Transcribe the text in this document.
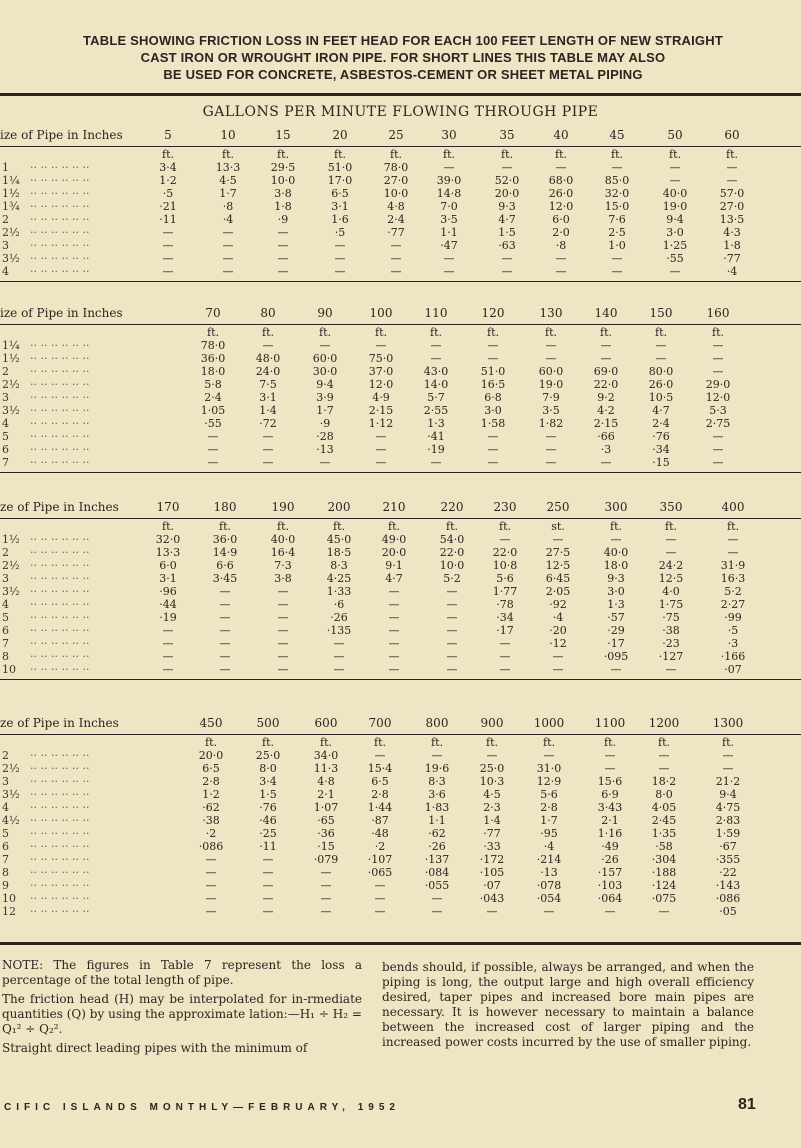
TABLE SHOWING FRICTION LOSS IN FEET HEAD FOR EACH 100 FEET LENGTH OF NEW STRAIGHT
CAST IRON OR WROUGHT IRON PIPE. FOR SHORT LINES THIS TABLE MAY ALSO
BE USED FOR CONCRETE, ASBESTOS-CEMENT OR SHEET METAL PIPING
GALLONS PER MINUTE FLOWING THROUGH PIPE
ize of Pipe in Inches	5	10	15	20	25	30	35	40	45	50	60
ft.	ft.	ft.	ft.	ft.	ft.	ft.	ft.	ft.	ft.	ft.
1 ·· ·· ·· ·· ·· ··	3·4	13·3	29·5	51·0	78·0	—	—	—	—	—	—
1¼ ·· ·· ·· ·· ·· ··	1·2	4·5	10·0	17·0	27·0	39·0	52·0	68·0	85·0	—	—
1½ ·· ·· ·· ·· ·· ··	·5	1·7	3·8	6·5	10·0	14·8	20·0	26·0	32·0	40·0	57·0
1¾ ·· ·· ·· ·· ·· ··	·21	·8	1·8	3·1	4·8	7·0	9·3	12·0	15·0	19·0	27·0
2 ·· ·· ·· ·· ·· ··	·11	·4	·9	1·6	2·4	3·5	4·7	6·0	7·6	9·4	13·5
2½ ·· ·· ·· ·· ·· ··	—	—	—	·5	·77	1·1	1·5	2·0	2·5	3·0	4·3
3 ·· ·· ·· ·· ·· ··	—	—	—	—	—	·47	·63	·8	1·0	1·25	1·8
3½ ·· ·· ·· ·· ·· ··	—	—	—	—	—	—	—	—	—	·55	·77
4 ·· ·· ·· ·· ·· ··	—	—	—	—	—	—	—	—	—	—	·4
ize of Pipe in Inches	70	80	90	100	110	120	130	140	150	160
ft.	ft.	ft.	ft.	ft.	ft.	ft.	ft.	ft.	ft.
1¼ ·· ·· ·· ·· ·· ··	78·0	—	—	—	—	—	—	—	—	—
1½ ·· ·· ·· ·· ·· ··	36·0	48·0	60·0	75·0	—	—	—	—	—	—
2 ·· ·· ·· ·· ·· ··	18·0	24·0	30·0	37·0	43·0	51·0	60·0	69·0	80·0	—
2½ ·· ·· ·· ·· ·· ··	5·8	7·5	9·4	12·0	14·0	16·5	19·0	22·0	26·0	29·0
3 ·· ·· ·· ·· ·· ··	2·4	3·1	3·9	4·9	5·7	6·8	7·9	9·2	10·5	12·0
3½ ·· ·· ·· ·· ·· ··	1·05	1·4	1·7	2·15	2·55	3·0	3·5	4·2	4·7	5·3
4 ·· ·· ·· ·· ·· ··	·55	·72	·9	1·12	1·3	1·58	1·82	2·15	2·4	2·75
5 ·· ·· ·· ·· ·· ··	—	—	·28	—	·41	—	—	·66	·76	—
6 ·· ·· ·· ·· ·· ··	—	—	·13	—	·19	—	—	·3	·34	—
7 ·· ·· ·· ·· ·· ··	—	—	—	—	—	—	—	—	·15	—
ze of Pipe in Inches	170	180	190	200	210	220	230	250	300	350	400
ft.	ft.	ft.	ft.	ft.	ft.	ft.	st.	ft.	ft.	ft.
1½ ·· ·· ·· ·· ·· ··	32·0	36·0	40·0	45·0	49·0	54·0	—	—	—	—	—
2 ·· ·· ·· ·· ·· ··	13·3	14·9	16·4	18·5	20·0	22·0	22·0	27·5	40·0	—	—
2½ ·· ·· ·· ·· ·· ··	6·0	6·6	7·3	8·3	9·1	10·0	10·8	12·5	18·0	24·2	31·9
3 ·· ·· ·· ·· ·· ··	3·1	3·45	3·8	4·25	4·7	5·2	5·6	6·45	9·3	12·5	16·3
3½ ·· ·· ·· ·· ·· ··	·96	—	—	1·33	—	—	1·77	2·05	3·0	4·0	5·2
4 ·· ·· ·· ·· ·· ··	·44	—	—	·6	—	—	·78	·92	1·3	1·75	2·27
5 ·· ·· ·· ·· ·· ··	·19	—	—	·26	—	—	·34	·4	·57	·75	·99
6 ·· ·· ·· ·· ·· ··	—	—	—	·135	—	—	·17	·20	·29	·38	·5
7 ·· ·· ·· ·· ·· ··	—	—	—	—	—	—	—	·12	·17	·23	·3
8 ·· ·· ·· ·· ·· ··	—	—	—	—	—	—	—	—	·095	·127	·166
10 ·· ·· ·· ·· ·· ··	—	—	—	—	—	—	—	—	—	—	·07
ze of Pipe in Inches	450	500	600	700	800	900	1000	1100	1200	1300
ft.	ft.	ft.	ft.	ft.	ft.	ft.	ft.	ft.	ft.
2 ·· ·· ·· ·· ·· ··	20·0	25·0	34·0	—	—	—	—	—	—	—
2½ ·· ·· ·· ·· ·· ··	6·5	8·0	11·3	15·4	19·6	25·0	31·0	—	—	—
3 ·· ·· ·· ·· ·· ··	2·8	3·4	4·8	6·5	8·3	10·3	12·9	15·6	18·2	21·2
3½ ·· ·· ·· ·· ·· ··	1·2	1·5	2·1	2·8	3·6	4·5	5·6	6·9	8·0	9·4
4 ·· ·· ·· ·· ·· ··	·62	·76	1·07	1·44	1·83	2·3	2·8	3·43	4·05	4·75
4½ ·· ·· ·· ·· ·· ··	·38	·46	·65	·87	1·1	1·4	1·7	2·1	2·45	2·83
5 ·· ·· ·· ·· ·· ··	·2	·25	·36	·48	·62	·77	·95	1·16	1·35	1·59
6 ·· ·· ·· ·· ·· ··	·086	·11	·15	·2	·26	·33	·4	·49	·58	·67
7 ·· ·· ·· ·· ·· ··	—	—	·079	·107	·137	·172	·214	·26	·304	·355
8 ·· ·· ·· ·· ·· ··	—	—	—	·065	·084	·105	·13	·157	·188	·22
9 ·· ·· ·· ·· ·· ··	—	—	—	—	·055	·07	·078	·103	·124	·143
10 ·· ·· ·· ·· ·· ··	—	—	—	—	—	·043	·054	·064	·075	·086
12 ·· ·· ·· ·· ·· ··	—	—	—	—	—	—	—	—	—	·05
NOTE: The figures in Table 7 represent the loss a percentage of the total length of pipe.
The friction head (H) may be interpolated for in-rmediate quantities (Q) by using the approximate lation:—H₁ ÷ H₂ = Q₁² ÷ Q₂².
Straight direct leading pipes with the minimum of
bends should, if possible, always be arranged, and when the piping is long, the output large and high overall efficiency desired, taper pipes and increased bore main pipes are necessary. It is however necessary to maintain a balance between the increased cost of larger piping and the increased power costs incurred by the use of smaller piping.
CIFIC ISLANDS MONTHLY—FEBRUARY, 1952	81
